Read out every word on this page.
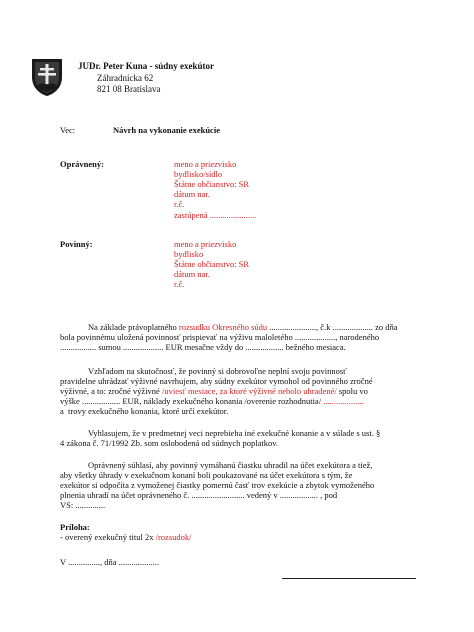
JUDr. Peter Kuna - súdny exekútor
Záhradnícka 62
821 08 Bratislava
Vec:	Návrh na vykonanie exekúcie
Oprávnený:	meno a priezvisko
bydlisko/sídlo
Štátne občianstvo: SR
dátum nar.
r.č.
zastúpená ......................
Povinný:	meno a priezvisko
bydlisko
Štátne občianstvo: SR
dátum nar.
r.č.
Na základe právoplatného rozsudku Okresného súdu ......................, č.k ................... zo dňa
bola povinnému uložená povinnosť prispievať na výživu maloletého ..................., narodeného
................. sumou ................... EUR mesačne vždy do .................. bežného mesiaca.
Vzhľadom na skutočnosť, že povinný si dobrovoľne neplní svoju povinnosť
pravidelne uhrádzať výživné navrhujem, aby súdny exekútor vymohol od povinného zročné
výživné, a to: zročné výživné /uviesť mesiace, za ktoré výživné nebolo uhradené/ spolu vo
výške .................. EUR, náklady exekučného konania /overenie rozhodnutia/ ...................
a  trovy exekučného konania, ktoré určí exekútor.
Vyhlasujem, že v predmetnej veci neprebieha iné exekučné konanie a v súlade s ust. §
4 zákona č. 71/1992 Zb. som oslobodená od súdnych poplatkov.
Oprávnený súhlasí, aby povinný vymáhanú čiastku uhradil na účet exekútora a tiež,
aby všetky úhrady v exekučnom konaní boli poukazované na účet exekútora s tým, že
exekútor si odpočíta z vymoženej čiastky pomernú časť trov exekúcie a zbytok vymoženého
plnenia uhradí na účet oprávneného č. ......................... vedený v .................. , pod
VS: ..............
Príloha:
- overený exekučný titul 2x /rozsudok/
V ..............., dňa ...................
